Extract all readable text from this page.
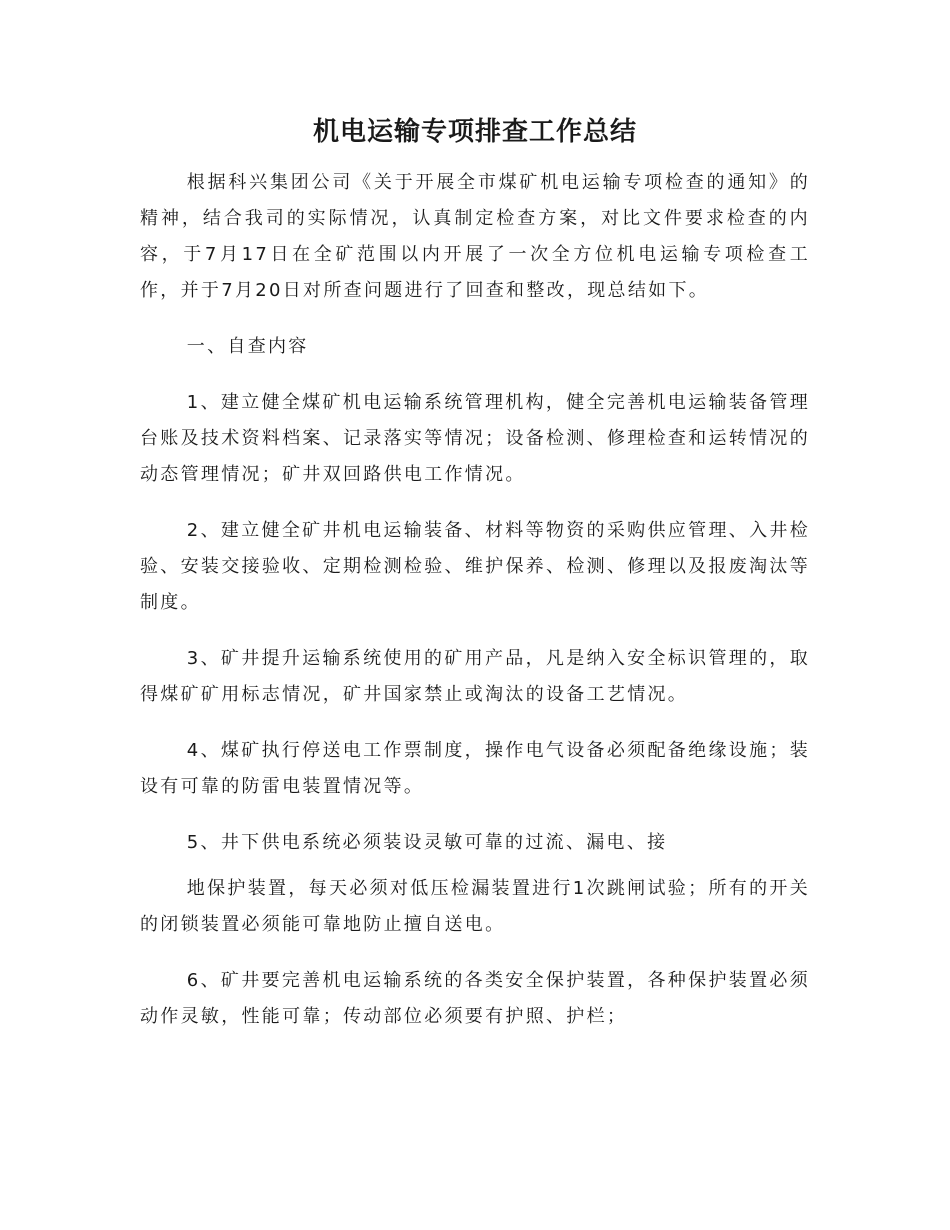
机电运输专项排查工作总结

根据科兴集团公司《关于开展全市煤矿机电运输专项检查的通知》的精神，结合我司的实际情况，认真制定检查方案，对比文件要求检查的内容，于7月17日在全矿范围以内开展了一次全方位机电运输专项检查工作，并于7月20日对所查问题进行了回查和整改，现总结如下。

一、自查内容

1、建立健全煤矿机电运输系统管理机构，健全完善机电运输装备管理台账及技术资料档案、记录落实等情况；设备检测、修理检查和运转情况的动态管理情况；矿井双回路供电工作情况。

2、建立健全矿井机电运输装备、材料等物资的采购供应管理、入井检验、安装交接验收、定期检测检验、维护保养、检测、修理以及报废淘汰等制度。

3、矿井提升运输系统使用的矿用产品，凡是纳入安全标识管理的，取得煤矿矿用标志情况，矿井国家禁止或淘汰的设备工艺情况。

4、煤矿执行停送电工作票制度，操作电气设备必须配备绝缘设施；装设有可靠的防雷电装置情况等。

5、井下供电系统必须装设灵敏可靠的过流、漏电、接

地保护装置，每天必须对低压检漏装置进行1次跳闸试验；所有的开关的闭锁装置必须能可靠地防止擅自送电。

6、矿井要完善机电运输系统的各类安全保护装置，各种保护装置必须动作灵敏，性能可靠；传动部位必须要有护照、护栏；
